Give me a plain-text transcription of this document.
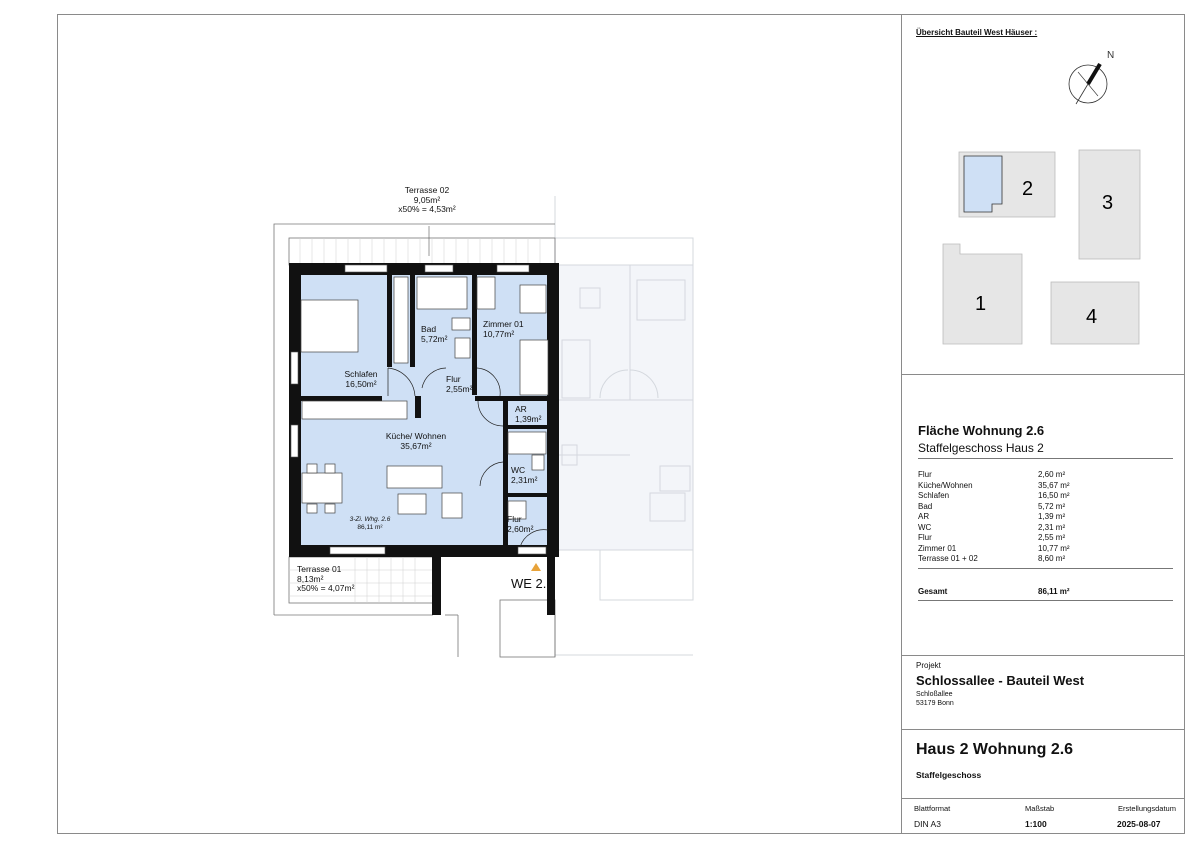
Terrasse 02
9,05m²
x50% = 4,53m²
Schlafen
16,50m²
Bad
5,72m²
Zimmer 01
10,77m²
Flur
2,55m²
AR
1,39m²
Küche/ Wohnen
35,67m²
WC
2,31m²
Flur
2,60m²
3-Zi. Whg. 2.6
86,11 m²
Terrasse 01
8,13m²
x50% = 4,07m²	WE 2.6
Übersicht Bauteil West Häuser :
N
2
3
1
4
Fläche Wohnung 2.6
Staffelgeschoss Haus 2
Flur	2,60 m²
Küche/Wohnen	35,67 m²
Schlafen	16,50 m²
Bad	5,72 m²
AR	1,39 m²
WC	2,31 m²
Flur	2,55 m²
Zimmer 01	10,77 m²
Terrasse 01 + 02	8,60 m²
Gesamt	86,11 m²
Projekt
Schlossallee - Bauteil West
Schloßallee
53179 Bonn
Haus 2 Wohnung 2.6
Staffelgeschoss
Blattformat
DIN A3
Maßstab
1:100
Erstellungsdatum
2025-08-07
